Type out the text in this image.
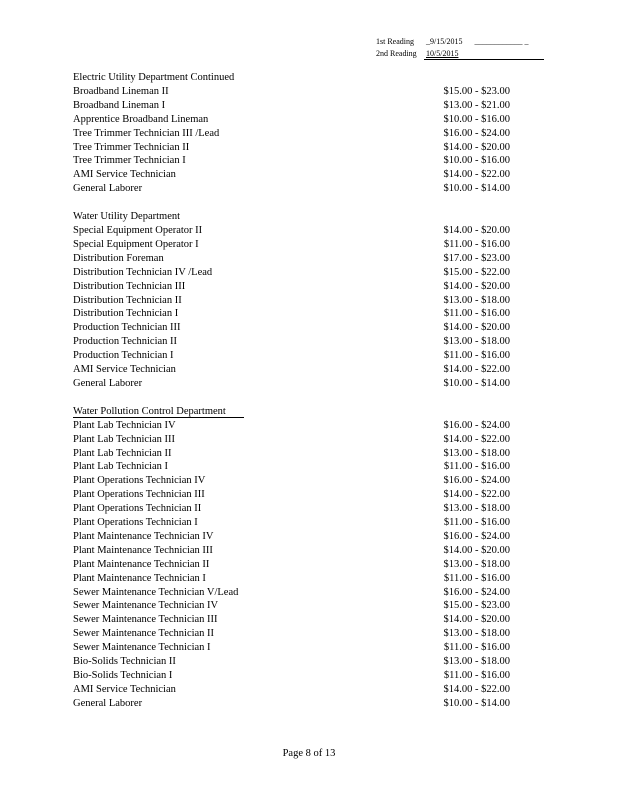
1st Reading _9/15/2015 ____________ _
2nd Reading 10/5/2015
Electric Utility Department Continued
Broadband Lineman II	$15.00 - $23.00
Broadband Lineman I	$13.00 - $21.00
Apprentice Broadband Lineman	$10.00 - $16.00
Tree Trimmer Technician III /Lead	$16.00 - $24.00
Tree Trimmer Technician II	$14.00 - $20.00
Tree Trimmer Technician I	$10.00 - $16.00
AMI Service Technician	$14.00 - $22.00
General Laborer	$10.00 - $14.00
Water Utility Department
Special Equipment Operator II	$14.00 - $20.00
Special Equipment Operator I	$11.00 - $16.00
Distribution Foreman	$17.00 - $23.00
Distribution Technician IV /Lead	$15.00 - $22.00
Distribution Technician III	$14.00 - $20.00
Distribution Technician II	$13.00 - $18.00
Distribution Technician I	$11.00 - $16.00
Production Technician III	$14.00 - $20.00
Production Technician II	$13.00 - $18.00
Production Technician I	$11.00 - $16.00
AMI Service Technician	$14.00 - $22.00
General Laborer	$10.00 - $14.00
Water Pollution Control Department
Plant Lab Technician IV	$16.00 - $24.00
Plant Lab Technician III	$14.00 - $22.00
Plant Lab Technician II	$13.00 - $18.00
Plant Lab Technician I	$11.00 - $16.00
Plant Operations Technician IV	$16.00 - $24.00
Plant Operations Technician III	$14.00 - $22.00
Plant Operations Technician II	$13.00 - $18.00
Plant Operations Technician I	$11.00 - $16.00
Plant Maintenance Technician IV	$16.00 - $24.00
Plant Maintenance Technician III	$14.00 - $20.00
Plant Maintenance Technician II	$13.00 - $18.00
Plant Maintenance Technician I	$11.00 - $16.00
Sewer Maintenance Technician V/Lead	$16.00 - $24.00
Sewer Maintenance Technician IV	$15.00 - $23.00
Sewer Maintenance Technician III	$14.00 - $20.00
Sewer Maintenance Technician II	$13.00 - $18.00
Sewer Maintenance Technician I	$11.00 - $16.00
Bio-Solids Technician II	$13.00 - $18.00
Bio-Solids Technician I	$11.00 - $16.00
AMI Service Technician	$14.00 - $22.00
General Laborer	$10.00 - $14.00
Page 8 of 13
